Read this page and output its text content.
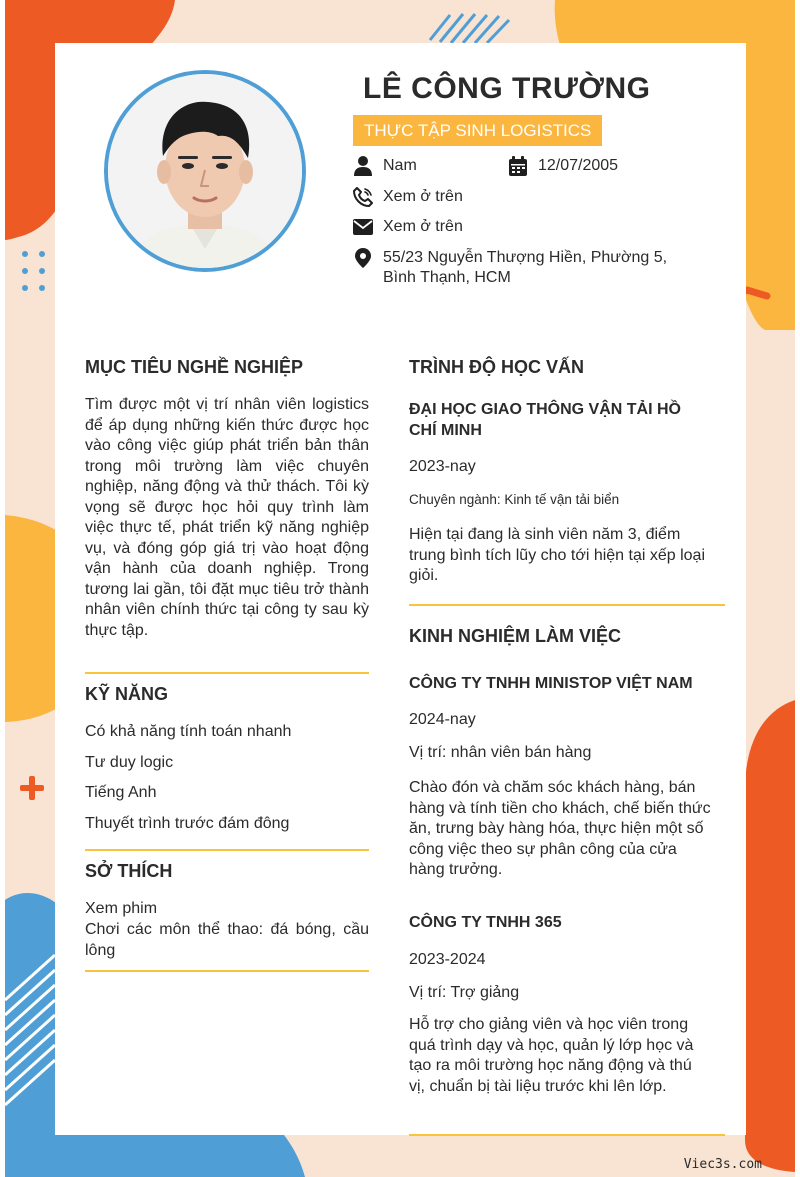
LÊ CÔNG TRƯỜNG
THỰC TẬP SINH LOGISTICS
Nam	12/07/2005
Xem ở trên
Xem ở trên
55/23 Nguyễn Thượng Hiền, Phường 5,
Bình Thạnh, HCM
MỤC TIÊU NGHỀ NGHIỆP
Tìm được một vị trí nhân viên logistics để áp dụng những kiến thức được học vào công việc giúp phát triển bản thân trong môi trường làm việc chuyên nghiệp, năng động và thử thách. Tôi kỳ vọng sẽ được học hỏi quy trình làm việc thực tế, phát triển kỹ năng nghiệp vụ, và đóng góp giá trị vào hoạt động vận hành của doanh nghiệp. Trong tương lai gần, tôi đặt mục tiêu trở thành nhân viên chính thức tại công ty sau kỳ thực tập.
KỸ NĂNG
Có khả năng tính toán nhanh
Tư duy logic
Tiếng Anh
Thuyết trình trước đám đông
SỞ THÍCH
Xem phim
Chơi các môn thể thao: đá bóng, cầu lông
TRÌNH ĐỘ HỌC VẤN
ĐẠI HỌC GIAO THÔNG VẬN TẢI HỒ CHÍ MINH
2023-nay
Chuyên ngành: Kinh tế vận tải biển
Hiện tại đang là sinh viên năm 3, điểm trung bình tích lũy cho tới hiện tại xếp loại giỏi.
KINH NGHIỆM LÀM VIỆC
CÔNG TY TNHH MINISTOP VIỆT NAM
2024-nay
Vị trí: nhân viên bán hàng
Chào đón và chăm sóc khách hàng, bán hàng và tính tiền cho khách, chế biến thức ăn, trưng bày hàng hóa, thực hiện một số công việc theo sự phân công của cửa hàng trưởng.
CÔNG TY TNHH 365
2023-2024
Vị trí: Trợ giảng
Hỗ trợ cho giảng viên và học viên trong quá trình dạy và học, quản lý lớp học và tạo ra môi trường học năng động và thú vị, chuẩn bị tài liệu trước khi lên lớp.
Viec3s.com
